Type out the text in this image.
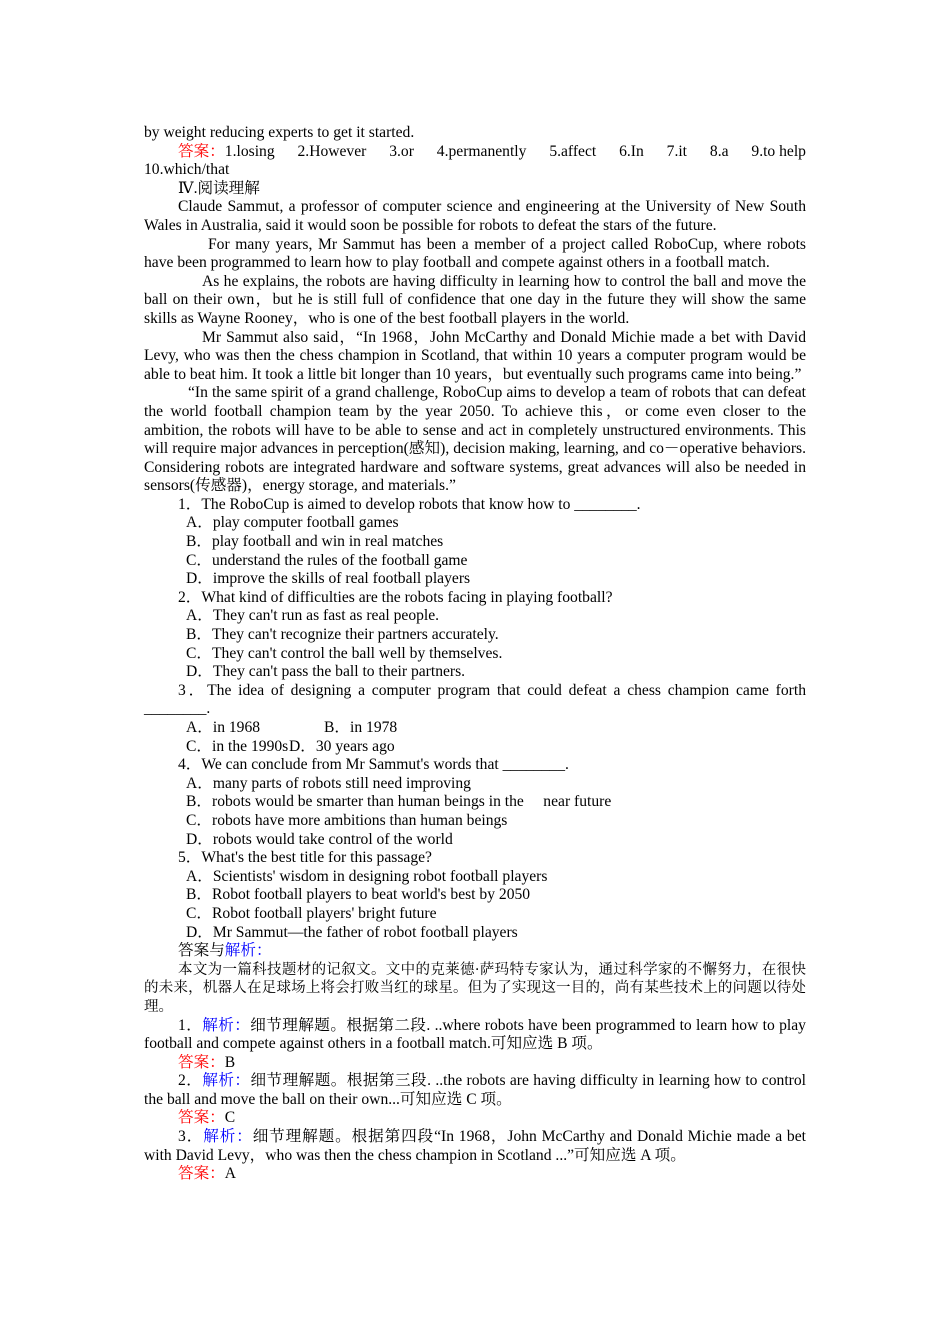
by weight reducing experts to get it started.

答案：1.losing 2.However 3.or 4.permanently 5.affect 6.In 7.it 8.a 9.to help

10.which/that

Ⅳ.阅读理解

Claude Sammut, a professor of computer science and engineering at the University of New South Wales in Australia, said it would soon be possible for robots to defeat the stars of the future.

For many years, Mr Sammut has been a member of a project called RoboCup, where robots have been programmed to learn how to play football and compete against others in a football match.

As he explains, the robots are having difficulty in learning how to control the ball and move the ball on their own，but he is still full of confidence that one day in the future they will show the same skills as Wayne Rooney，who is one of the best football players in the world.

Mr Sammut also said，“In 1968，John McCarthy and Donald Michie made a bet with David Levy, who was then the chess champion in Scotland, that within 10 years a computer program would be able to beat him. It took a little bit longer than 10 years，but eventually such programs came into being.”

“In the same spirit of a grand challenge, RoboCup aims to develop a team of robots that can defeat the world football champion team by the year 2050. To achieve this，or come even closer to the ambition, the robots will have to be able to sense and act in completely unstructured environments. This will require major advances in perception(感知), decision making, learning, and co－operative behaviors. Considering robots are integrated hardware and software systems, great advances will also be needed in sensors(传感器)，energy storage, and materials.”

1．The RoboCup is aimed to develop robots that know how to ________.

A．play computer football games

B．play football and win in real matches

C．understand the rules of the football game

D．improve the skills of real football players

2．What kind of difficulties are the robots facing in playing football?

A．They can't run as fast as real people.

B．They can't recognize their partners accurately.

C．They can't control the ball well by themselves.

D．They can't pass the ball to their partners.

3．The idea of designing a computer program that could defeat a chess champion came forth ________.

A．in 1968	B．in 1978

C．in the 1990sD．30 years ago

4．We can conclude from Mr Sammut's words that ________.

A．many parts of robots still need improving

B．robots would be smarter than human beings in the     near future

C．robots have more ambitions than human beings

D．robots would take control of the world

5．What's the best title for this passage?

A．Scientists' wisdom in designing robot football players

B．Robot football players to beat world's best by 2050

C．Robot football players' bright future

D．Mr Sammut—the father of robot football players

答案与解析：

本文为一篇科技题材的记叙文。文中的克莱德·萨玛特专家认为，通过科学家的不懈努力，在很快的未来，机器人在足球场上将会打败当红的球星。但为了实现这一目的，尚有某些技术上的问题以待处理。

1．解析：细节理解题。根据第二段. ..where robots have been programmed to learn how to play football and compete against others in a football match.可知应选 B 项。

答案：B

2．解析：细节理解题。根据第三段. ..the robots are having difficulty in learning how to control the ball and move the ball on their own...可知应选 C 项。

答案：C

3．解析：细节理解题。根据第四段“In 1968，John McCarthy and Donald Michie made a bet with David Levy，who was then the chess champion in Scotland ...”可知应选 A 项。

答案：A
